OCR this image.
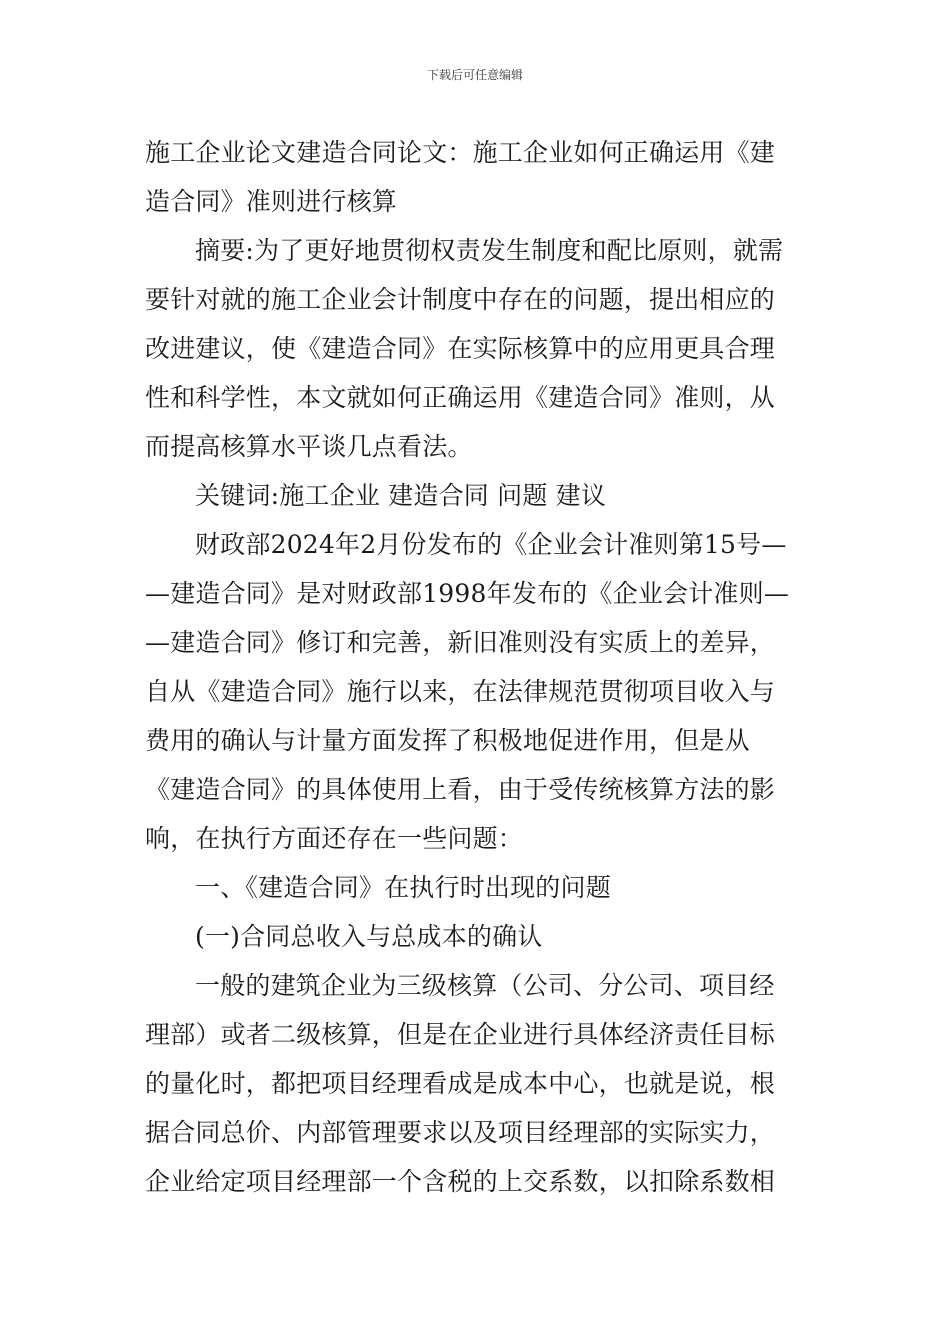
下载后可任意编辑
施工企业论文建造合同论文：施工企业如何正确运用《建
造合同》准则进行核算
摘要:为了更好地贯彻权责发生制度和配比原则，就需
要针对就的施工企业会计制度中存在的问题，提出相应的
改进建议，使《建造合同》在实际核算中的应用更具合理
性和科学性，本文就如何正确运用《建造合同》准则，从
而提高核算水平谈几点看法。
关键词:施工企业 建造合同 问题 建议
财政部2024年2月份发布的《企业会计准则第15号—
—建造合同》是对财政部1998年发布的《企业会计准则—
—建造合同》修订和完善，新旧准则没有实质上的差异，
自从《建造合同》施行以来，在法律规范贯彻项目收入与
费用的确认与计量方面发挥了积极地促进作用，但是从
《建造合同》的具体使用上看，由于受传统核算方法的影
响，在执行方面还存在一些问题：
一、《建造合同》在执行时出现的问题
(一)合同总收入与总成本的确认
一般的建筑企业为三级核算（公司、分公司、项目经
理部）或者二级核算，但是在企业进行具体经济责任目标
的量化时，都把项目经理看成是成本中心，也就是说，根
据合同总价、内部管理要求以及项目经理部的实际实力，
企业给定项目经理部一个含税的上交系数，以扣除系数相
